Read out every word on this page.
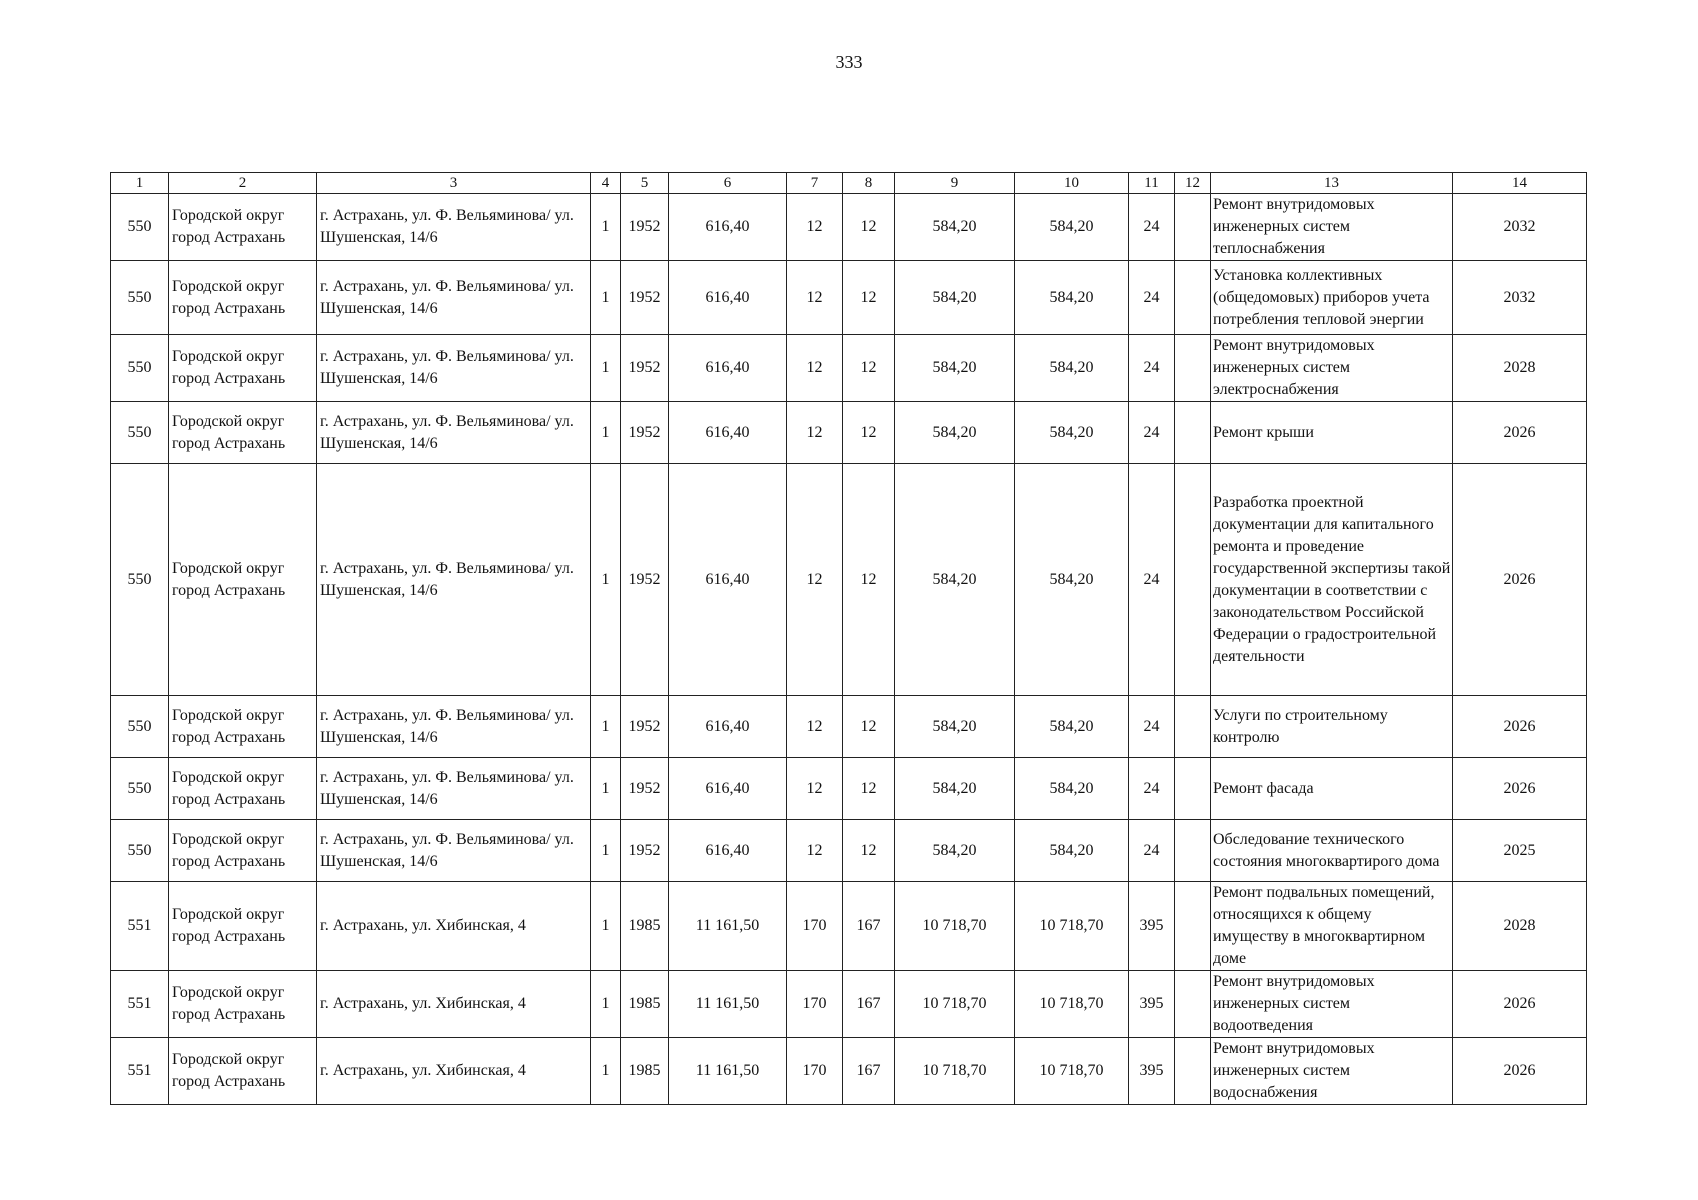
333
1	2	3	4	5	6	7	8	9	10	11	12	13	14
550	Городской округ город Астрахань	г. Астрахань, ул. Ф. Вельяминова/ ул. Шушенская, 14/6	1	1952	616,40	12	12	584,20	584,20	24		Ремонт внутридомовых инженерных систем теплоснабжения	2032
550	Городской округ город Астрахань	г. Астрахань, ул. Ф. Вельяминова/ ул. Шушенская, 14/6	1	1952	616,40	12	12	584,20	584,20	24		Установка коллективных (общедомовых) приборов учета потребления тепловой энергии	2032
550	Городской округ город Астрахань	г. Астрахань, ул. Ф. Вельяминова/ ул. Шушенская, 14/6	1	1952	616,40	12	12	584,20	584,20	24		Ремонт внутридомовых инженерных систем электроснабжения	2028
550	Городской округ город Астрахань	г. Астрахань, ул. Ф. Вельяминова/ ул. Шушенская, 14/6	1	1952	616,40	12	12	584,20	584,20	24		Ремонт крыши	2026
550	Городской округ город Астрахань	г. Астрахань, ул. Ф. Вельяминова/ ул. Шушенская, 14/6	1	1952	616,40	12	12	584,20	584,20	24		Разработка проектной документации для капитального ремонта и проведение государственной экспертизы такой документации в соответствии с законодательством Российской Федерации о градостроительной деятельности	2026
550	Городской округ город Астрахань	г. Астрахань, ул. Ф. Вельяминова/ ул. Шушенская, 14/6	1	1952	616,40	12	12	584,20	584,20	24		Услуги по строительному контролю	2026
550	Городской округ город Астрахань	г. Астрахань, ул. Ф. Вельяминова/ ул. Шушенская, 14/6	1	1952	616,40	12	12	584,20	584,20	24		Ремонт фасада	2026
550	Городской округ город Астрахань	г. Астрахань, ул. Ф. Вельяминова/ ул. Шушенская, 14/6	1	1952	616,40	12	12	584,20	584,20	24		Обследование технического состояния многоквартирого дома	2025
551	Городской округ город Астрахань	г. Астрахань, ул. Хибинская, 4	1	1985	11 161,50	170	167	10 718,70	10 718,70	395		Ремонт подвальных помещений, относящихся к общему имуществу в многоквартирном доме	2028
551	Городской округ город Астрахань	г. Астрахань, ул. Хибинская, 4	1	1985	11 161,50	170	167	10 718,70	10 718,70	395		Ремонт внутридомовых инженерных систем водоотведения	2026
551	Городской округ город Астрахань	г. Астрахань, ул. Хибинская, 4	1	1985	11 161,50	170	167	10 718,70	10 718,70	395		Ремонт внутридомовых инженерных систем водоснабжения	2026
